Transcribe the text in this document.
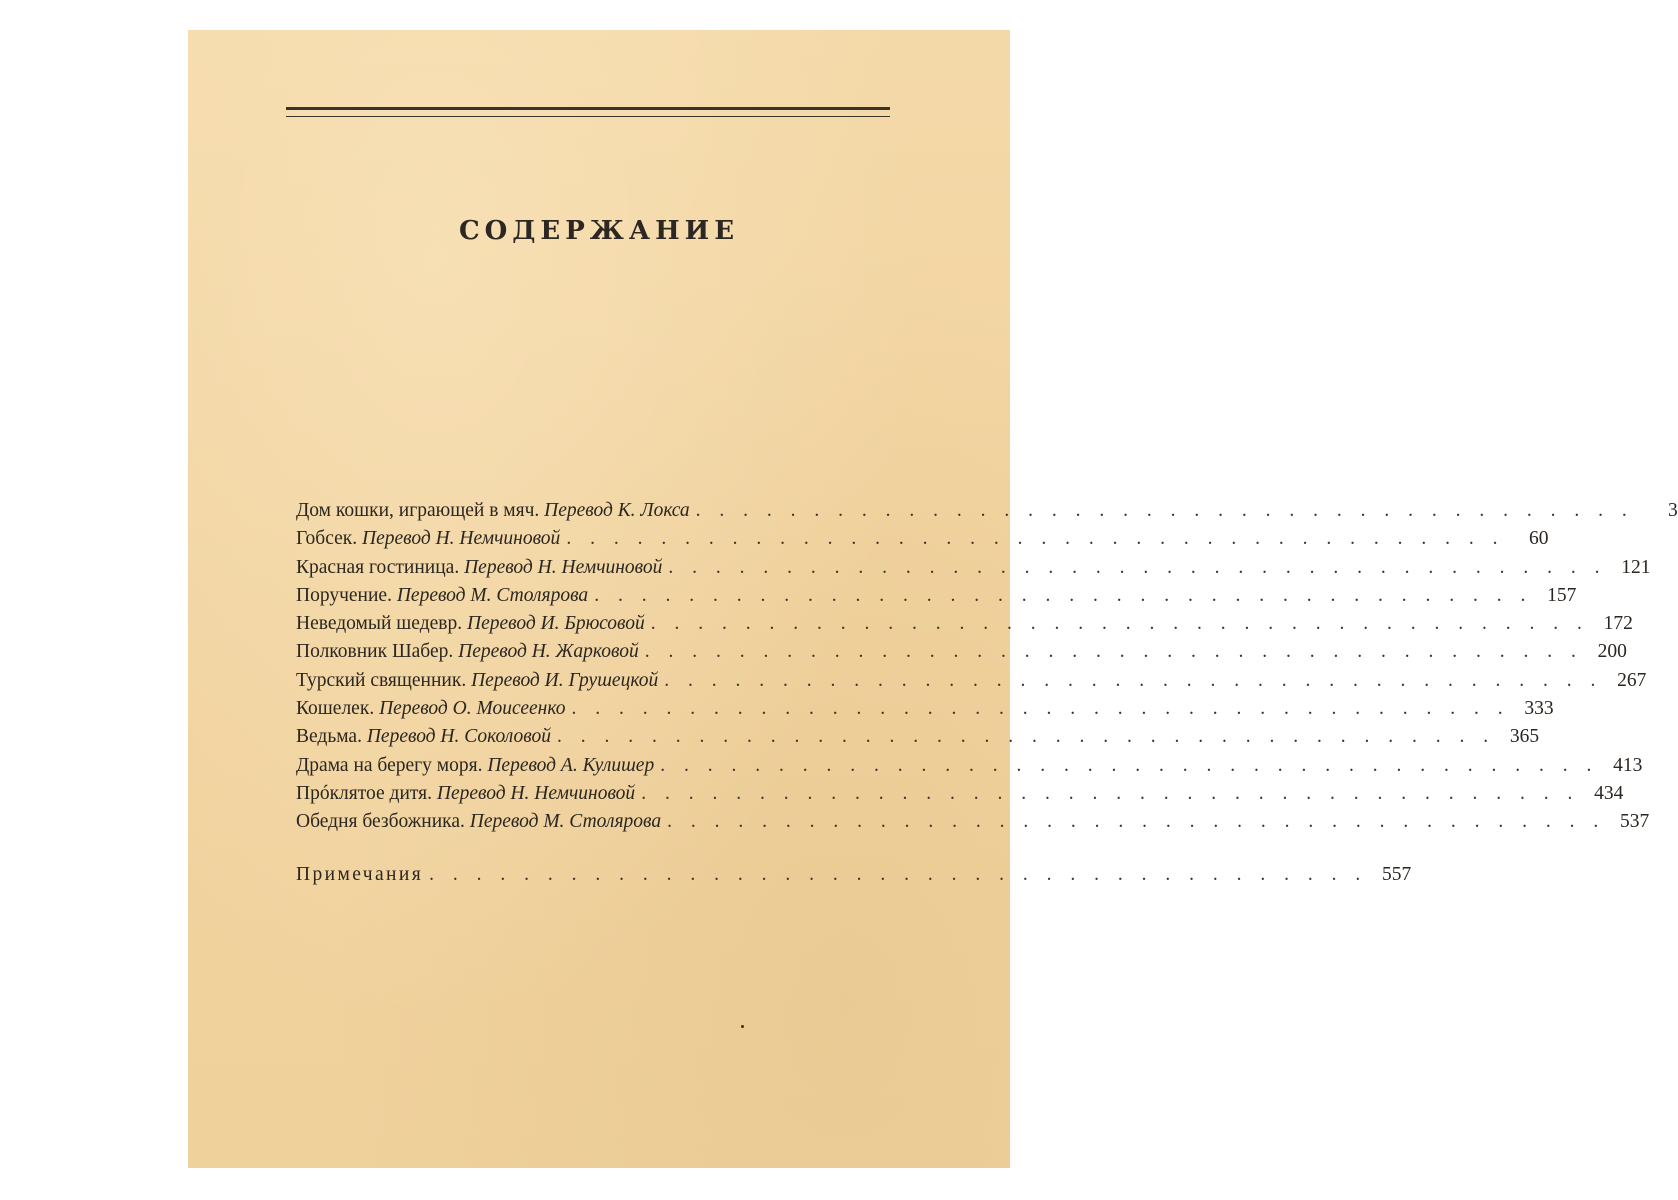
СОДЕРЖАНИЕ
Дом кошки, играющей в мяч. Перевод К. Локса . . . . . . . . . . . . . . . . . . . . . . . . . . . . . . . . . . . . . . . .	3
Гобсек. Перевод Н. Немчиновой . . . . . . . . . . . . . . . . . . . . . . . . . . . . . . . . . . . . . . . .	60
Красная гостиница. Перевод Н. Немчиновой . . . . . . . . . . . . . . . . . . . . . . . . . . . . . . . . . . . . . . . . 121
Поручение. Перевод М. Столярова . . . . . . . . . . . . . . . . . . . . . . . . . . . . . . . . . . . . . . . . 157
Неведомый шедевр. Перевод И. Брюсовой . . . . . . . . . . . . . . . . . . . . . . . . . . . . . . . . . . . . . . . . 172
Полковник Шабер. Перевод Н. Жарковой . . . . . . . . . . . . . . . . . . . . . . . . . . . . . . . . . . . . . . . . 200
Турский священник. Перевод И. Грушецкой . . . . . . . . . . . . . . . . . . . . . . . . . . . . . . . . . . . . . . . . 267
Кошелек. Перевод О. Моисеенко . . . . . . . . . . . . . . . . . . . . . . . . . . . . . . . . . . . . . . . . 333
Ведьма. Перевод Н. Соколовой . . . . . . . . . . . . . . . . . . . . . . . . . . . . . . . . . . . . . . . . 365
Драма на берегу моря. Перевод А. Кулишер . . . . . . . . . . . . . . . . . . . . . . . . . . . . . . . . . . . . . . . . 413
Прóклятое дитя. Перевод Н. Немчиновой . . . . . . . . . . . . . . . . . . . . . . . . . . . . . . . . . . . . . . . . 434
Обедня безбожника. Перевод М. Столярова . . . . . . . . . . . . . . . . . . . . . . . . . . . . . . . . . . . . . . . . 537
Примечания . . . . . . . . . . . . . . . . . . . . . . . . . . . . . . . . . . . . . . . . 557
